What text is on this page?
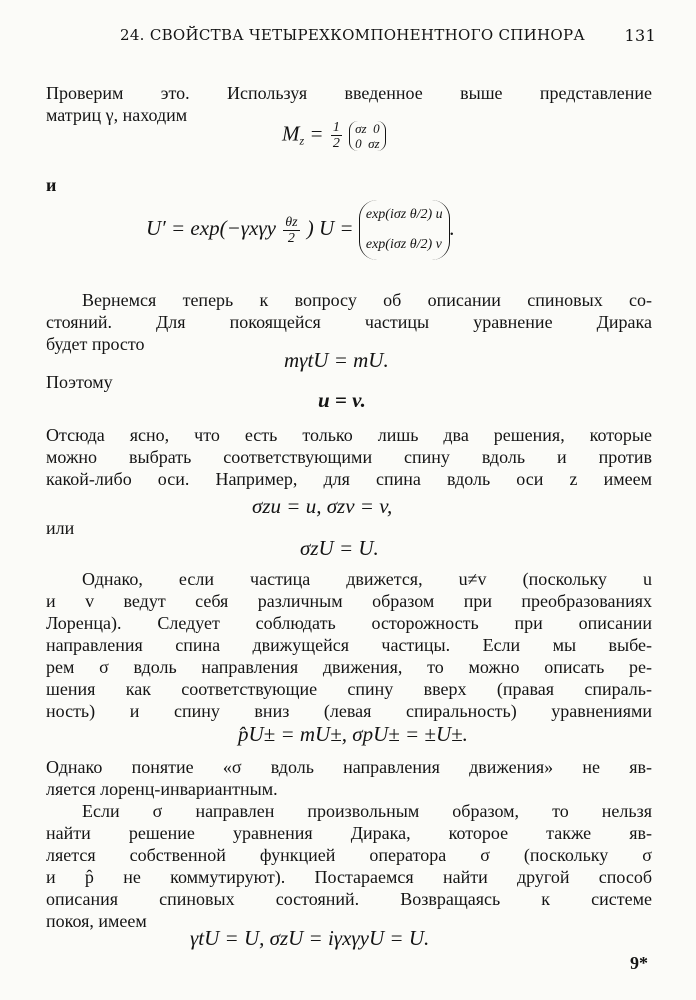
24. СВОЙСТВА ЧЕТЫРЕХКОМПОНЕНТНОГО СПИНОРА 131
Проверим это. Используя введенное выше представление
матриц γ, находим
$M_z = \frac{1}{2}$ σz 0
0 σz
и
$U' = \exp(-\gamma x\gamma y \frac{\theta z}{2}$ ) U = exp(iσz θ/2) u
exp(iσz θ/2) v.
Вернемся теперь к вопросу об описании спиновых со-
стояний. Для покоящейся частицы уравнение Дирака
будет просто
mγtU = mU.
Поэтому
u = v.
Отсюда ясно, что есть только лишь два решения, которые
можно выбрать соответствующими спину вдоль и против
какой-либо оси. Например, для спина вдоль оси z имеем
σzu = u, σzv = v,
или
σzU = U.
Однако, если частица движется, u≠v (поскольку u
и v ведут себя различным образом при преобразованиях
Лоренца). Следует соблюдать осторожность при описании
направления спина движущейся частицы. Если мы выбе-
рем σ вдоль направления движения, то можно описать ре-
шения как соответствующие спину вверх (правая спираль-
ность) и спину вниз (левая спиральность) уравнениями
p̂U± = mU±, σpU± = ±U±.
Однако понятие «σ вдоль направления движения» не яв-
ляется лоренц-инвариантным.
Если σ направлен произвольным образом, то нельзя
найти решение уравнения Дирака, которое также яв-
ляется собственной функцией оператора σ (поскольку σ
и p̂ не коммутируют). Постараемся найти другой способ
описания спиновых состояний. Возвращаясь к системе
покоя, имеем
γtU = U, σzU = iγxγyU = U.
9*
